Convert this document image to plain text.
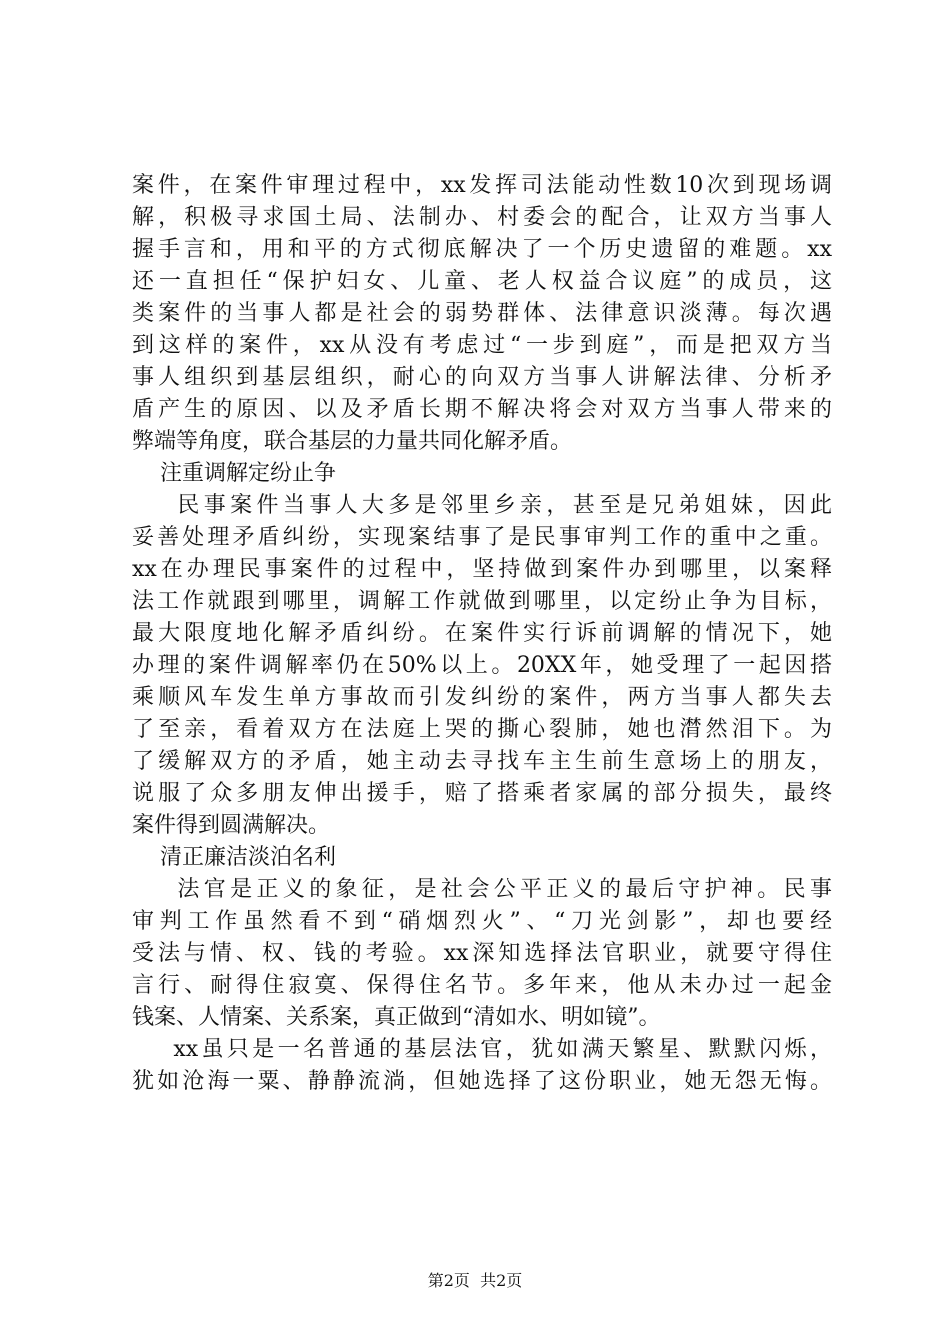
案件，在案件审理过程中，xx发挥司法能动性数10次到现场调
解，积极寻求国土局、法制办、村委会的配合，让双方当事人
握手言和，用和平的方式彻底解决了一个历史遗留的难题。xx
还一直担任“保护妇女、儿童、老人权益合议庭”的成员，这
类案件的当事人都是社会的弱势群体、法律意识淡薄。每次遇
到这样的案件，xx从没有考虑过“一步到庭”，而是把双方当
事人组织到基层组织，耐心的向双方当事人讲解法律、分析矛
盾产生的原因、以及矛盾长期不解决将会对双方当事人带来的
弊端等角度，联合基层的力量共同化解矛盾。
注重调解定纷止争
民事案件当事人大多是邻里乡亲，甚至是兄弟姐妹，因此
妥善处理矛盾纠纷，实现案结事了是民事审判工作的重中之重。
xx在办理民事案件的过程中，坚持做到案件办到哪里，以案释
法工作就跟到哪里，调解工作就做到哪里，以定纷止争为目标，
最大限度地化解矛盾纠纷。在案件实行诉前调解的情况下，她
办理的案件调解率仍在50%以上。20XX年，她受理了一起因搭
乘顺风车发生单方事故而引发纠纷的案件，两方当事人都失去
了至亲，看着双方在法庭上哭的撕心裂肺，她也潸然泪下。为
了缓解双方的矛盾，她主动去寻找车主生前生意场上的朋友，
说服了众多朋友伸出援手，赔了搭乘者家属的部分损失，最终
案件得到圆满解决。
清正廉洁淡泊名利
法官是正义的象征，是社会公平正义的最后守护神。民事
审判工作虽然看不到“硝烟烈火”、“刀光剑影”，却也要经
受法与情、权、钱的考验。xx深知选择法官职业，就要守得住
言行、耐得住寂寞、保得住名节。多年来，他从未办过一起金
钱案、人情案、关系案，真正做到“清如水、明如镜”。
xx虽只是一名普通的基层法官，犹如满天繁星、默默闪烁，
犹如沧海一粟、静静流淌，但她选择了这份职业，她无怨无悔。
第2页  共2页
